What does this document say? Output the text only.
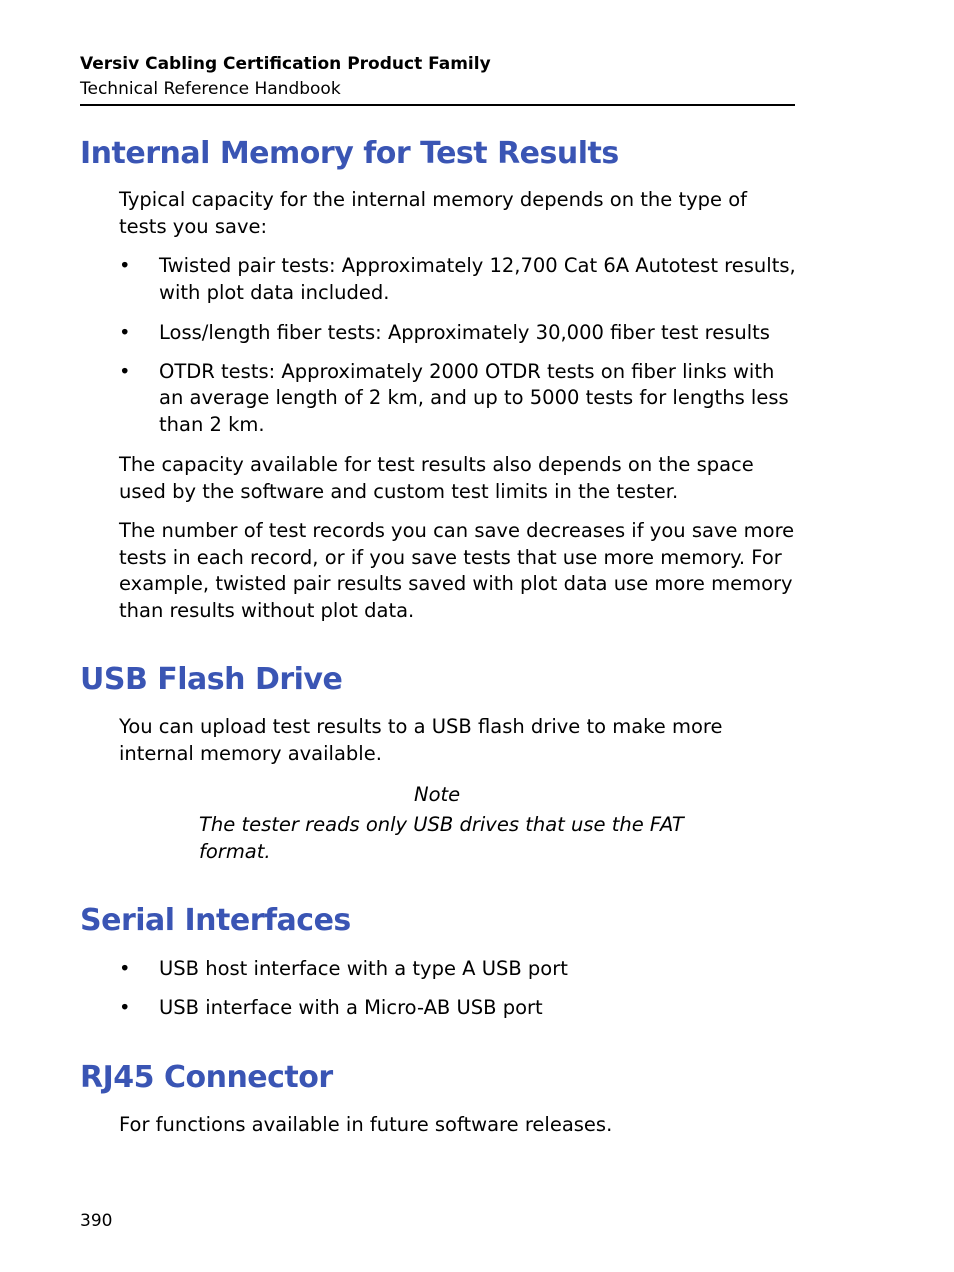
Versiv Cabling Certification Product Family
Technical Reference Handbook
Internal Memory for Test Results

Typical capacity for the internal memory depends on the type of tests you save:

• Twisted pair tests: Approximately 12,700 Cat 6A Autotest results, with plot data included.
• Loss/length fiber tests: Approximately 30,000 fiber test results
• OTDR tests: Approximately 2000 OTDR tests on fiber links with an average length of 2 km, and up to 5000 tests for lengths less than 2 km.

The capacity available for test results also depends on the space used by the software and custom test limits in the tester.

The number of test records you can save decreases if you save more tests in each record, or if you save tests that use more memory. For example, twisted pair results saved with plot data use more memory than results without plot data.

USB Flash Drive

You can upload test results to a USB flash drive to make more internal memory available.

Note
The tester reads only USB drives that use the FAT format.
Serial Interfaces
• USB host interface with a type A USB port
• USB interface with a Micro-AB USB port
RJ45 Connector

For functions available in future software releases.

390
